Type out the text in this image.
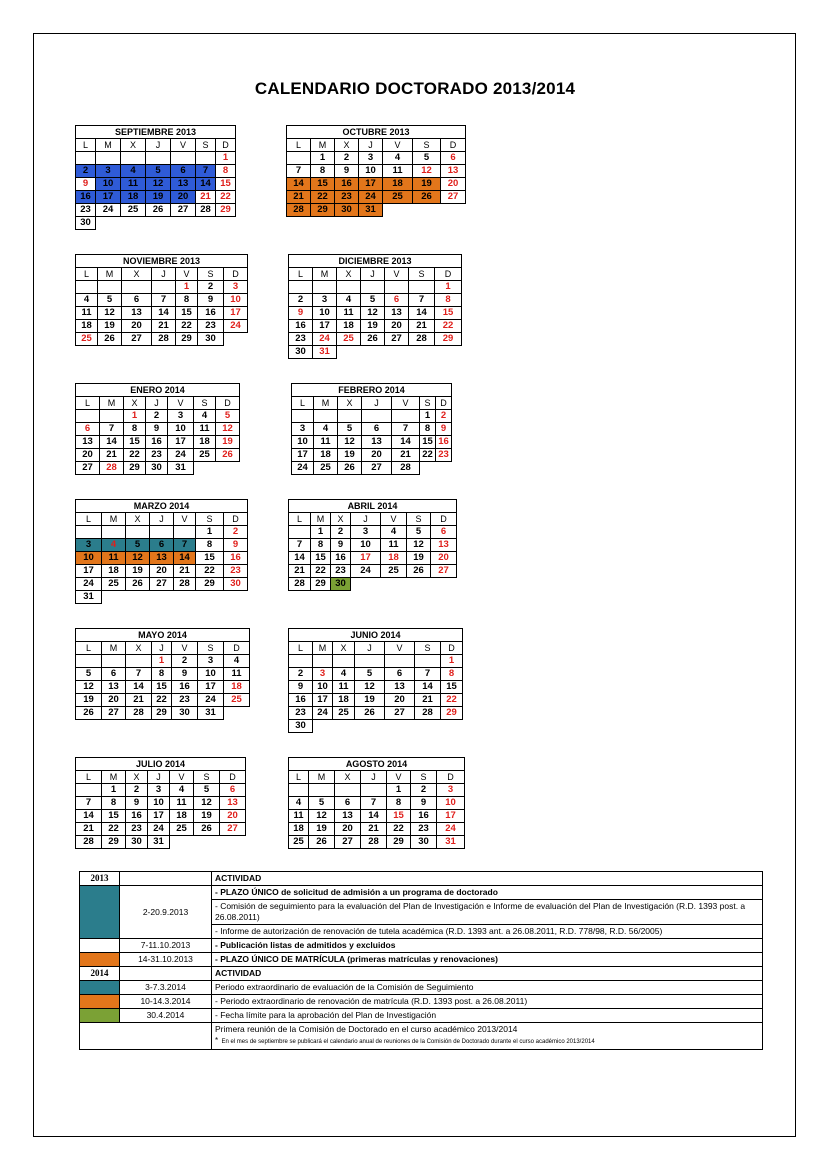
CALENDARIO DOCTORADO 2013/2014
SEPTIEMBRE 2013						
L	M	X	J	V	S	D
						1
2	3	4	5	6	7	8
9	10	11	12	13	14	15
16	17	18	19	20	21	22
23	24	25	26	27	28	29
30						
OCTUBRE 2013						
L	M	X	J	V	S	D
	1	2	3	4	5	6
7	8	9	10	11	12	13
14	15	16	17	18	19	20
21	22	23	24	25	26	27
28	29	30	31			
NOVIEMBRE 2013						
L	M	X	J	V	S	D
				1	2	3
4	5	6	7	8	9	10
11	12	13	14	15	16	17
18	19	20	21	22	23	24
25	26	27	28	29	30	
DICIEMBRE 2013						
L	M	X	J	V	S	D
						1
2	3	4	5	6	7	8
9	10	11	12	13	14	15
16	17	18	19	20	21	22
23	24	25	26	27	28	29
30	31					
ENERO 2014						
L	M	X	J	V	S	D
		1	2	3	4	5
6	7	8	9	10	11	12
13	14	15	16	17	18	19
20	21	22	23	24	25	26
27	28	29	30	31		
FEBRERO 2014						
L	M	X	J	V	S	D
					1	2
3	4	5	6	7	8	9
10	11	12	13	14	15	16
17	18	19	20	21	22	23
24	25	26	27	28		
MARZO 2014						
L	M	X	J	V	S	D
					1	2
3	4	5	6	7	8	9
10	11	12	13	14	15	16
17	18	19	20	21	22	23
24	25	26	27	28	29	30
31						
ABRIL 2014						
L	M	X	J	V	S	D
	1	2	3	4	5	6
7	8	9	10	11	12	13
14	15	16	17	18	19	20
21	22	23	24	25	26	27
28	29	30				
MAYO 2014						
L	M	X	J	V	S	D
			1	2	3	4
5	6	7	8	9	10	11
12	13	14	15	16	17	18
19	20	21	22	23	24	25
26	27	28	29	30	31	
JUNIO 2014						
L	M	X	J	V	S	D
						1
2	3	4	5	6	7	8
9	10	11	12	13	14	15
16	17	18	19	20	21	22
23	24	25	26	27	28	29
30						
JULIO 2014						
L	M	X	J	V	S	D
	1	2	3	4	5	6
7	8	9	10	11	12	13
14	15	16	17	18	19	20
21	22	23	24	25	26	27
28	29	30	31			
AGOSTO 2014						
L	M	X	J	V	S	D
				1	2	3
4	5	6	7	8	9	10
11	12	13	14	15	16	17
18	19	20	21	22	23	24
25	26	27	28	29	30	31
2013		ACTIVIDAD
	2-20.9.2013	- PLAZO ÚNICO de solicitud de admisión a un programa de doctorado
		- Comisión de seguimiento para la evaluación del Plan de Investigación e Informe de evaluación del Plan de Investigación (R.D. 1393 post. a 26.08.2011)
		- Informe de autorización de renovación de tutela académica (R.D. 1393 ant. a 26.08.2011, R.D. 778/98, R.D. 56/2005)
	7-11.10.2013	- Publicación listas de admitidos y excluidos
	14-31.10.2013	- PLAZO ÚNICO DE MATRÍCULA (primeras matrículas y renovaciones)
2014		ACTIVIDAD
	3-7.3.2014	Periodo extraordinario de evaluación de la Comisión de Seguimiento
	10-14.3.2014	- Periodo extraordinario de renovación de matrícula (R.D. 1393 post. a 26.08.2011)
	30.4.2014	- Fecha límite para la aprobación del Plan de Investigación

		Primera reunión de la Comisión de Doctorado en el curso académico 2013/2014
* En el mes de septiembre se publicará el calendario anual de reuniones de la Comisión de Doctorado durante el curso académico 2013/2014
